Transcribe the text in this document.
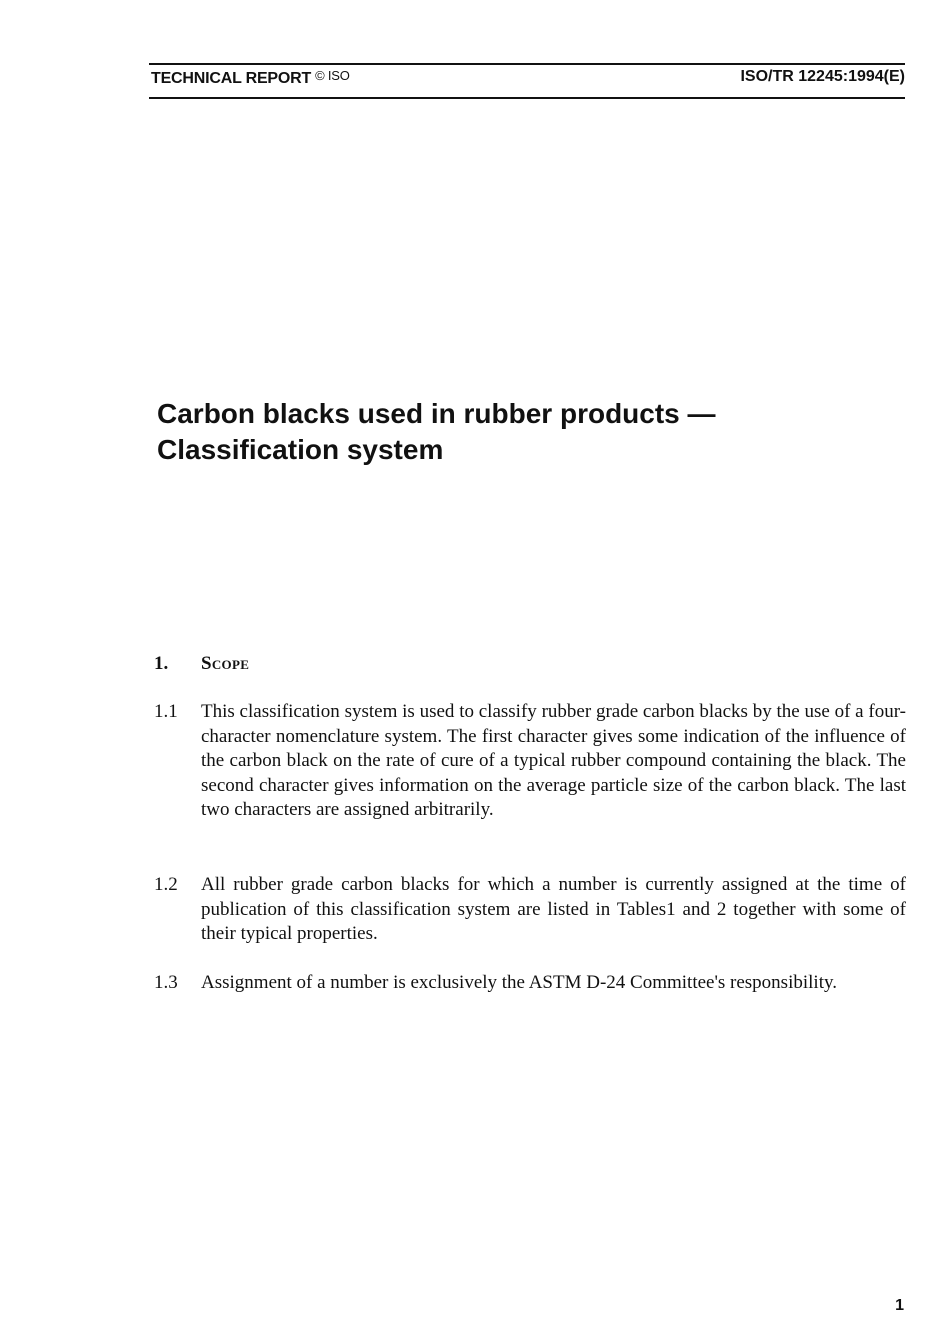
TECHNICAL REPORT © ISO	ISO/TR 12245:1994(E)
Carbon blacks used in rubber products —
Classification system
1. Scope
1.1 This classification system is used to classify rubber grade carbon blacks by the use of a four-character nomenclature system. The first character gives some indication of the influence of the carbon black on the rate of cure of a typical rubber compound containing the black. The second character gives information on the average particle size of the carbon black. The last two characters are assigned arbitrarily.
1.2 All rubber grade carbon blacks for which a number is currently assigned at the time of publication of this classification system are listed in Tables1 and 2 together with some of their typical properties.
1.3 Assignment of a number is exclusively the ASTM D-24 Committee's responsibility.
1
